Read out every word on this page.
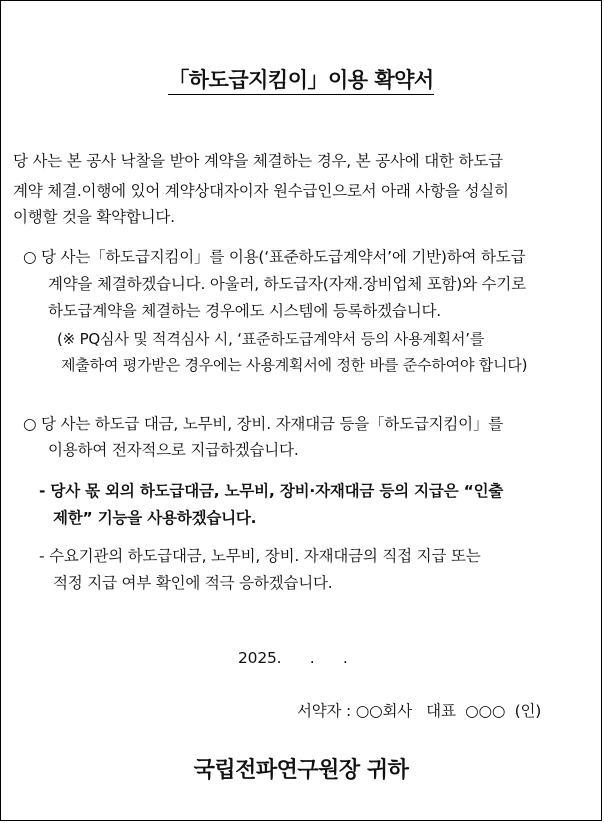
「하도급지킴이」이용 확약서
당 사는 본 공사 낙찰을 받아 계약을 체결하는 경우, 본 공사에 대한 하도급
계약 체결.이행에 있어 계약상대자이자 원수급인으로서 아래 사항을 성실히
이행할 것을 확약합니다.
○ 당 사는「하도급지킴이」를 이용(‘표준하도급계약서’에 기반)하여 하도급
계약을 체결하겠습니다. 아울러, 하도급자(자재.장비업체 포함)와 수기로
하도급계약을 체결하는 경우에도 시스템에 등록하겠습니다.
(※ PQ심사 및 적격심사 시, ‘표준하도급계약서 등의 사용계획서’를
제출하여 평가받은 경우에는 사용계획서에 정한 바를 준수하여야 합니다)
○ 당 사는 하도급 대금, 노무비, 장비. 자재대금 등을「하도급지킴이」를
이용하여 전자적으로 지급하겠습니다.
- 당사 몫 외의 하도급대금, 노무비, 장비·자재대금 등의 지급은 “인출
제한” 기능을 사용하겠습니다.
- 수요기관의 하도급대금, 노무비, 장비. 자재대금의 직접 지급 또는
적정 지급 여부 확인에 적극 응하겠습니다.
2025.      .      .
서약자 : ○○회사   대표  ○○○  (인)
국립전파연구원장 귀하
